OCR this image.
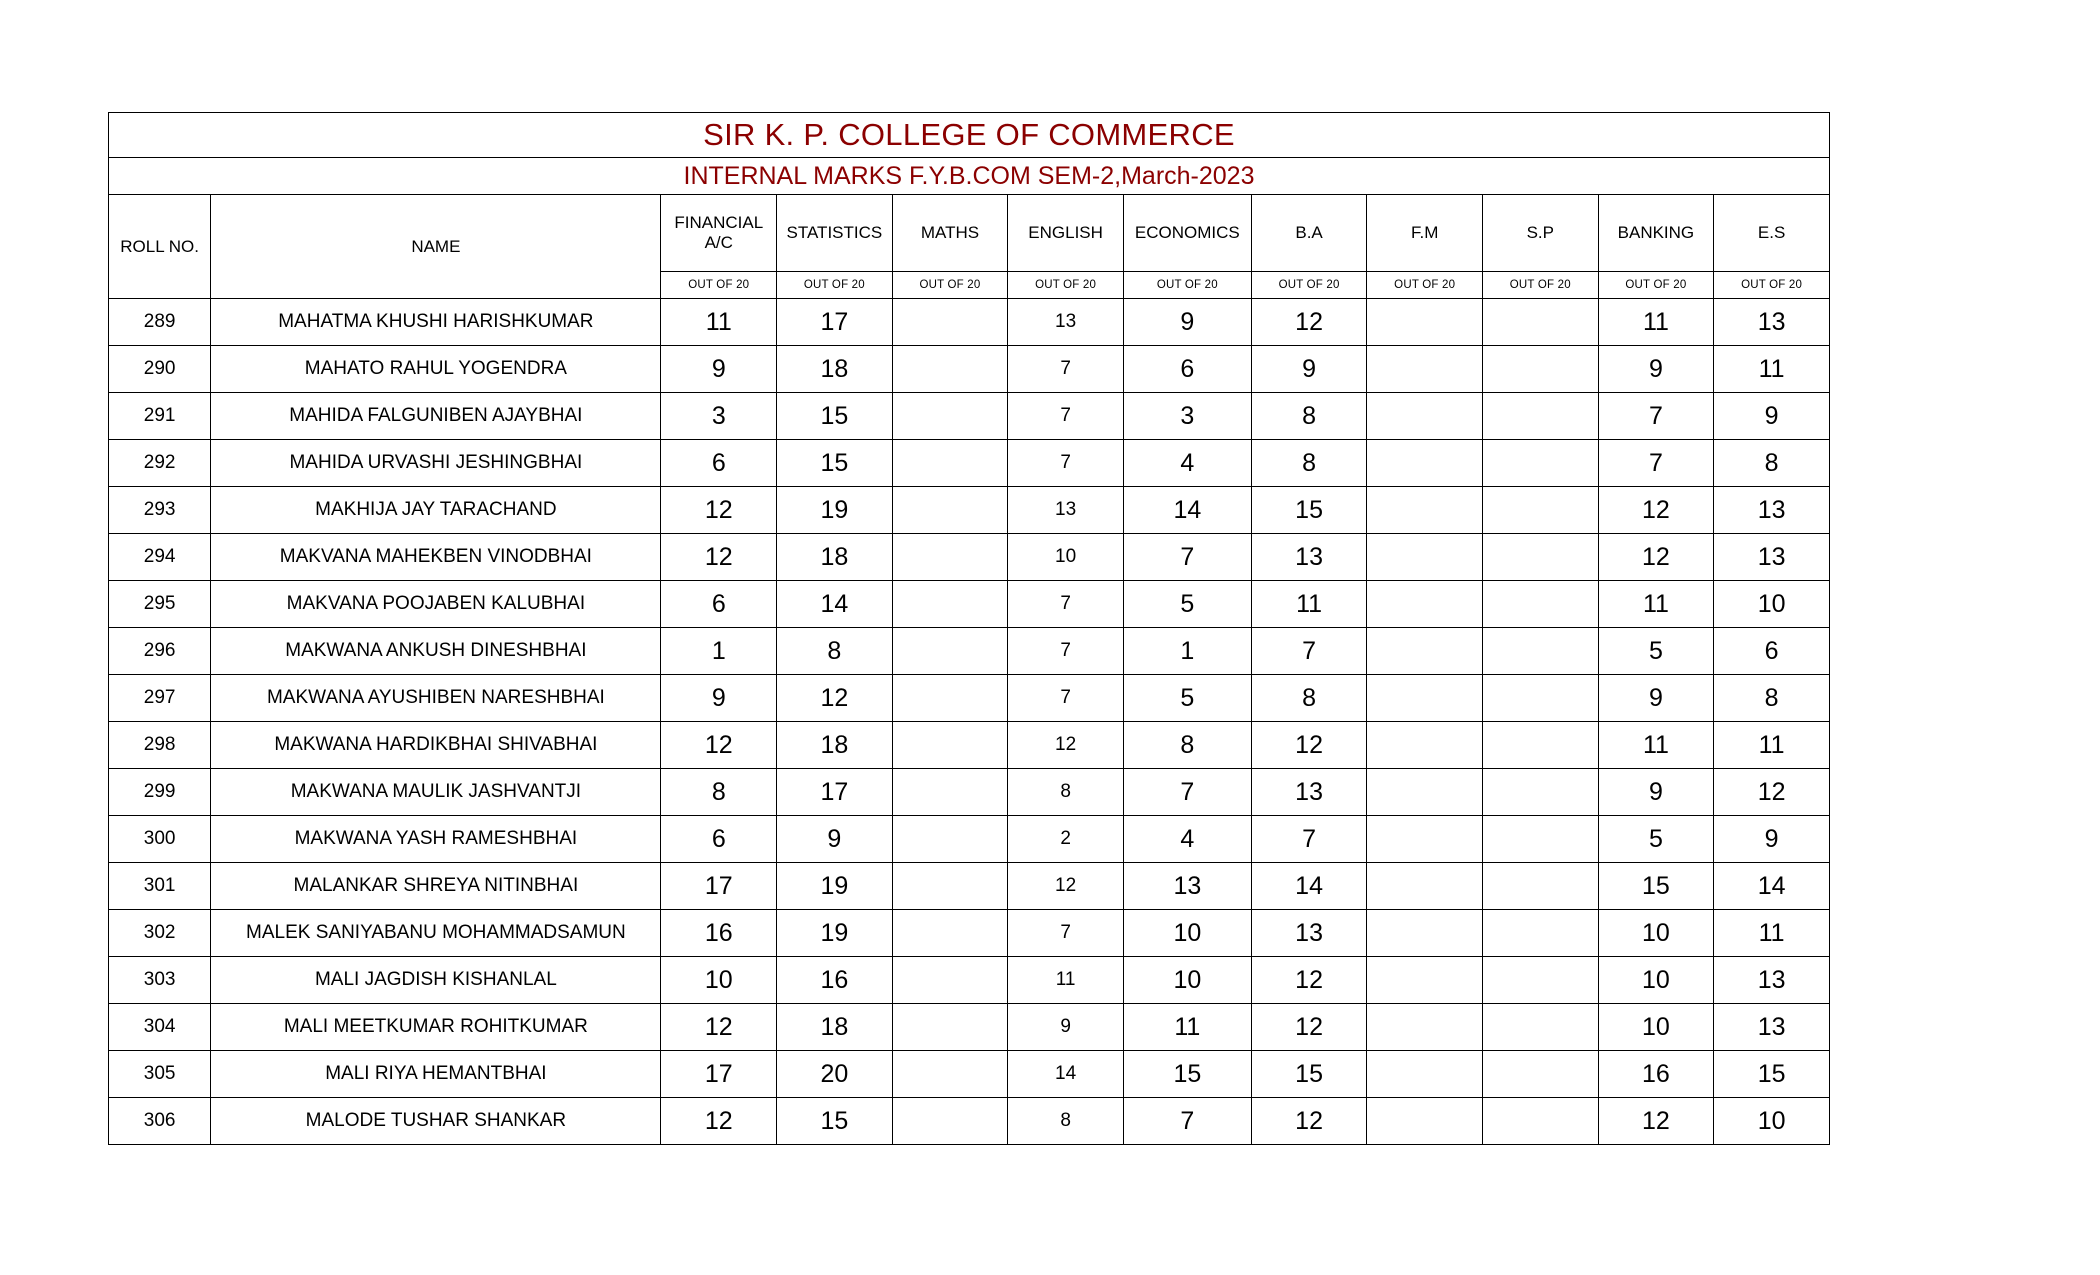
SIR K. P. COLLEGE OF COMMERCE											
INTERNAL MARKS F.Y.B.COM SEM-2,March-2023											
ROLL NO.	NAME	FINANCIAL A/C	STATISTICS	MATHS	ENGLISH	ECONOMICS	B.A	F.M	S.P	BANKING	E.S
		OUT OF 20	OUT OF 20	OUT OF 20	OUT OF 20	OUT OF 20	OUT OF 20	OUT OF 20	OUT OF 20	OUT OF 20	OUT OF 20
289	MAHATMA KHUSHI HARISHKUMAR	11	17		13	9	12			11	13
290	MAHATO RAHUL YOGENDRA	9	18		7	6	9			9	11
291	MAHIDA FALGUNIBEN AJAYBHAI	3	15		7	3	8			7	9
292	MAHIDA URVASHI JESHINGBHAI	6	15		7	4	8			7	8
293	MAKHIJA JAY TARACHAND	12	19		13	14	15			12	13
294	MAKVANA MAHEKBEN VINODBHAI	12	18		10	7	13			12	13
295	MAKVANA POOJABEN KALUBHAI	6	14		7	5	11			11	10
296	MAKWANA ANKUSH DINESHBHAI	1	8		7	1	7			5	6
297	MAKWANA AYUSHIBEN NARESHBHAI	9	12		7	5	8			9	8
298	MAKWANA HARDIKBHAI SHIVABHAI	12	18		12	8	12			11	11
299	MAKWANA MAULIK JASHVANTJI	8	17		8	7	13			9	12
300	MAKWANA YASH RAMESHBHAI	6	9		2	4	7			5	9
301	MALANKAR SHREYA NITINBHAI	17	19		12	13	14			15	14
302	MALEK SANIYABANU MOHAMMADSAMUN	16	19		7	10	13			10	11
303	MALI JAGDISH KISHANLAL	10	16		11	10	12			10	13
304	MALI MEETKUMAR ROHITKUMAR	12	18		9	11	12			10	13
305	MALI RIYA HEMANTBHAI	17	20		14	15	15			16	15
306	MALODE TUSHAR SHANKAR	12	15		8	7	12			12	10
